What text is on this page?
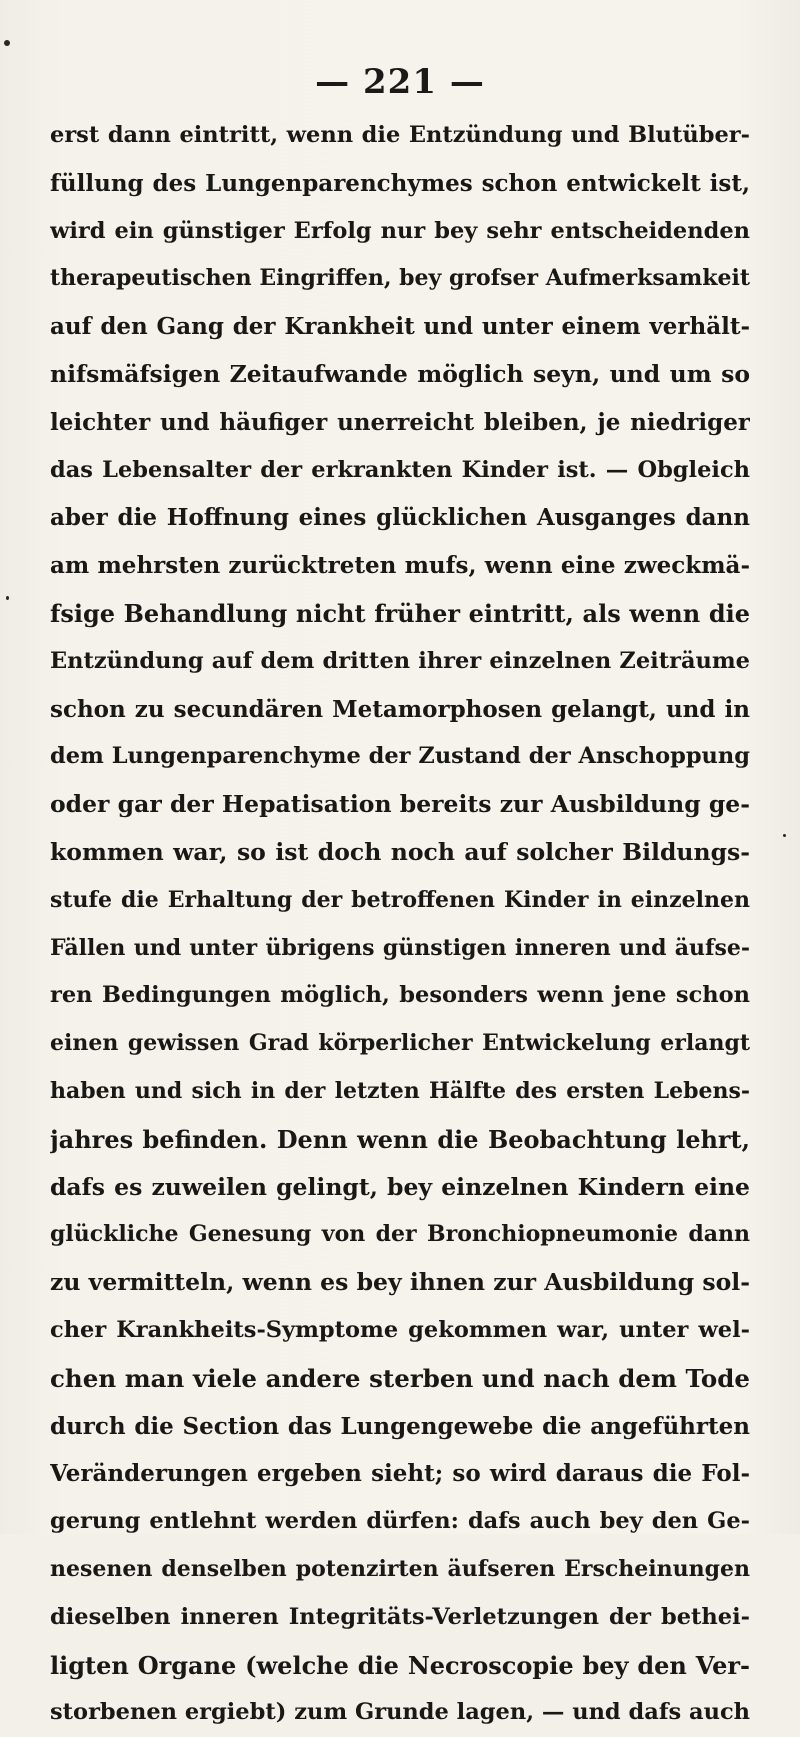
— 221 —
erst dann eintritt, wenn die Entzündung und Blutüber-
füllung des Lungenparenchymes schon entwickelt ist,
wird ein günstiger Erfolg nur bey sehr entscheidenden
therapeutischen Eingriffen, bey grofser Aufmerksamkeit
auf den Gang der Krankheit und unter einem verhält-
nifsmäfsigen Zeitaufwande möglich seyn, und um so
leichter und häufiger unerreicht bleiben, je niedriger
das Lebensalter der erkrankten Kinder ist. — Obgleich
aber die Hoffnung eines glücklichen Ausganges dann
am mehrsten zurücktreten mufs, wenn eine zweckmä-
fsige Behandlung nicht früher eintritt, als wenn die
Entzündung auf dem dritten ihrer einzelnen Zeiträume
schon zu secundären Metamorphosen gelangt, und in
dem Lungenparenchyme der Zustand der Anschoppung
oder gar der Hepatisation bereits zur Ausbildung ge-
kommen war, so ist doch noch auf solcher Bildungs-
stufe die Erhaltung der betroffenen Kinder in einzelnen
Fällen und unter übrigens günstigen inneren und äufse-
ren Bedingungen möglich, besonders wenn jene schon
einen gewissen Grad körperlicher Entwickelung erlangt
haben und sich in der letzten Hälfte des ersten Lebens-
jahres befinden. Denn wenn die Beobachtung lehrt,
dafs es zuweilen gelingt, bey einzelnen Kindern eine
glückliche Genesung von der Bronchiopneumonie dann
zu vermitteln, wenn es bey ihnen zur Ausbildung sol-
cher Krankheits-Symptome gekommen war, unter wel-
chen man viele andere sterben und nach dem Tode
durch die Section das Lungengewebe die angeführten
Veränderungen ergeben sieht; so wird daraus die Fol-
gerung entlehnt werden dürfen: dafs auch bey den Ge-
nesenen denselben potenzirten äufseren Erscheinungen
dieselben inneren Integritäts-Verletzungen der bethei-
ligten Organe (welche die Necroscopie bey den Ver-
storbenen ergiebt) zum Grunde lagen, — und dafs auch
